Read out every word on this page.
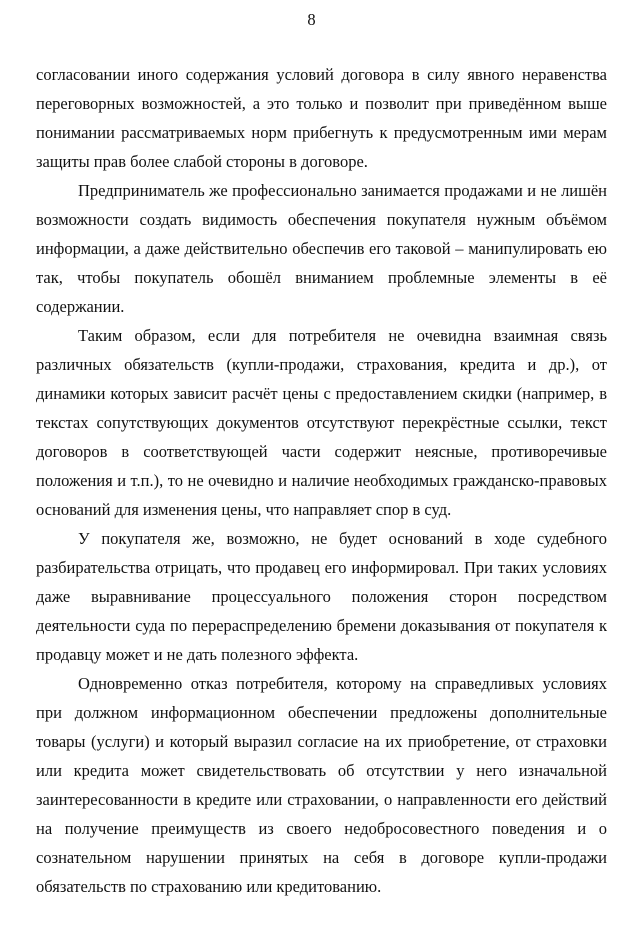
8

согласовании иного содержания условий договора в силу явного неравенства переговорных возможностей, а это только и позволит при приведённом выше понимании рассматриваемых норм прибегнуть к предусмотренным ими мерам защиты прав более слабой стороны в договоре.

Предприниматель же профессионально занимается продажами и не лишён возможности создать видимость обеспечения покупателя нужным объёмом информации, а даже действительно обеспечив его таковой – манипулировать ею так, чтобы покупатель обошёл вниманием проблемные элементы в её содержании.

Таким образом, если для потребителя не очевидна взаимная связь различных обязательств (купли-продажи, страхования, кредита и др.), от динамики которых зависит расчёт цены с предоставлением скидки (например, в текстах сопутствующих документов отсутствуют перекрёстные ссылки, текст договоров в соответствующей части содержит неясные, противоречивые положения и т.п.), то не очевидно и наличие необходимых гражданско-правовых оснований для изменения цены, что направляет спор в суд.

У покупателя же, возможно, не будет оснований в ходе судебного разбирательства отрицать, что продавец его информировал. При таких условиях даже выравнивание процессуального положения сторон посредством деятельности суда по перераспределению бремени доказывания от покупателя к продавцу может и не дать полезного эффекта.

Одновременно отказ потребителя, которому на справедливых условиях при должном информационном обеспечении предложены дополнительные товары (услуги) и который выразил согласие на их приобретение, от страховки или кредита может свидетельствовать об отсутствии у него изначальной заинтересованности в кредите или страховании, о направленности его действий на получение преимуществ из своего недобросовестного поведения и о сознательном нарушении принятых на себя в договоре купли-продажи обязательств по страхованию или кредитованию.
